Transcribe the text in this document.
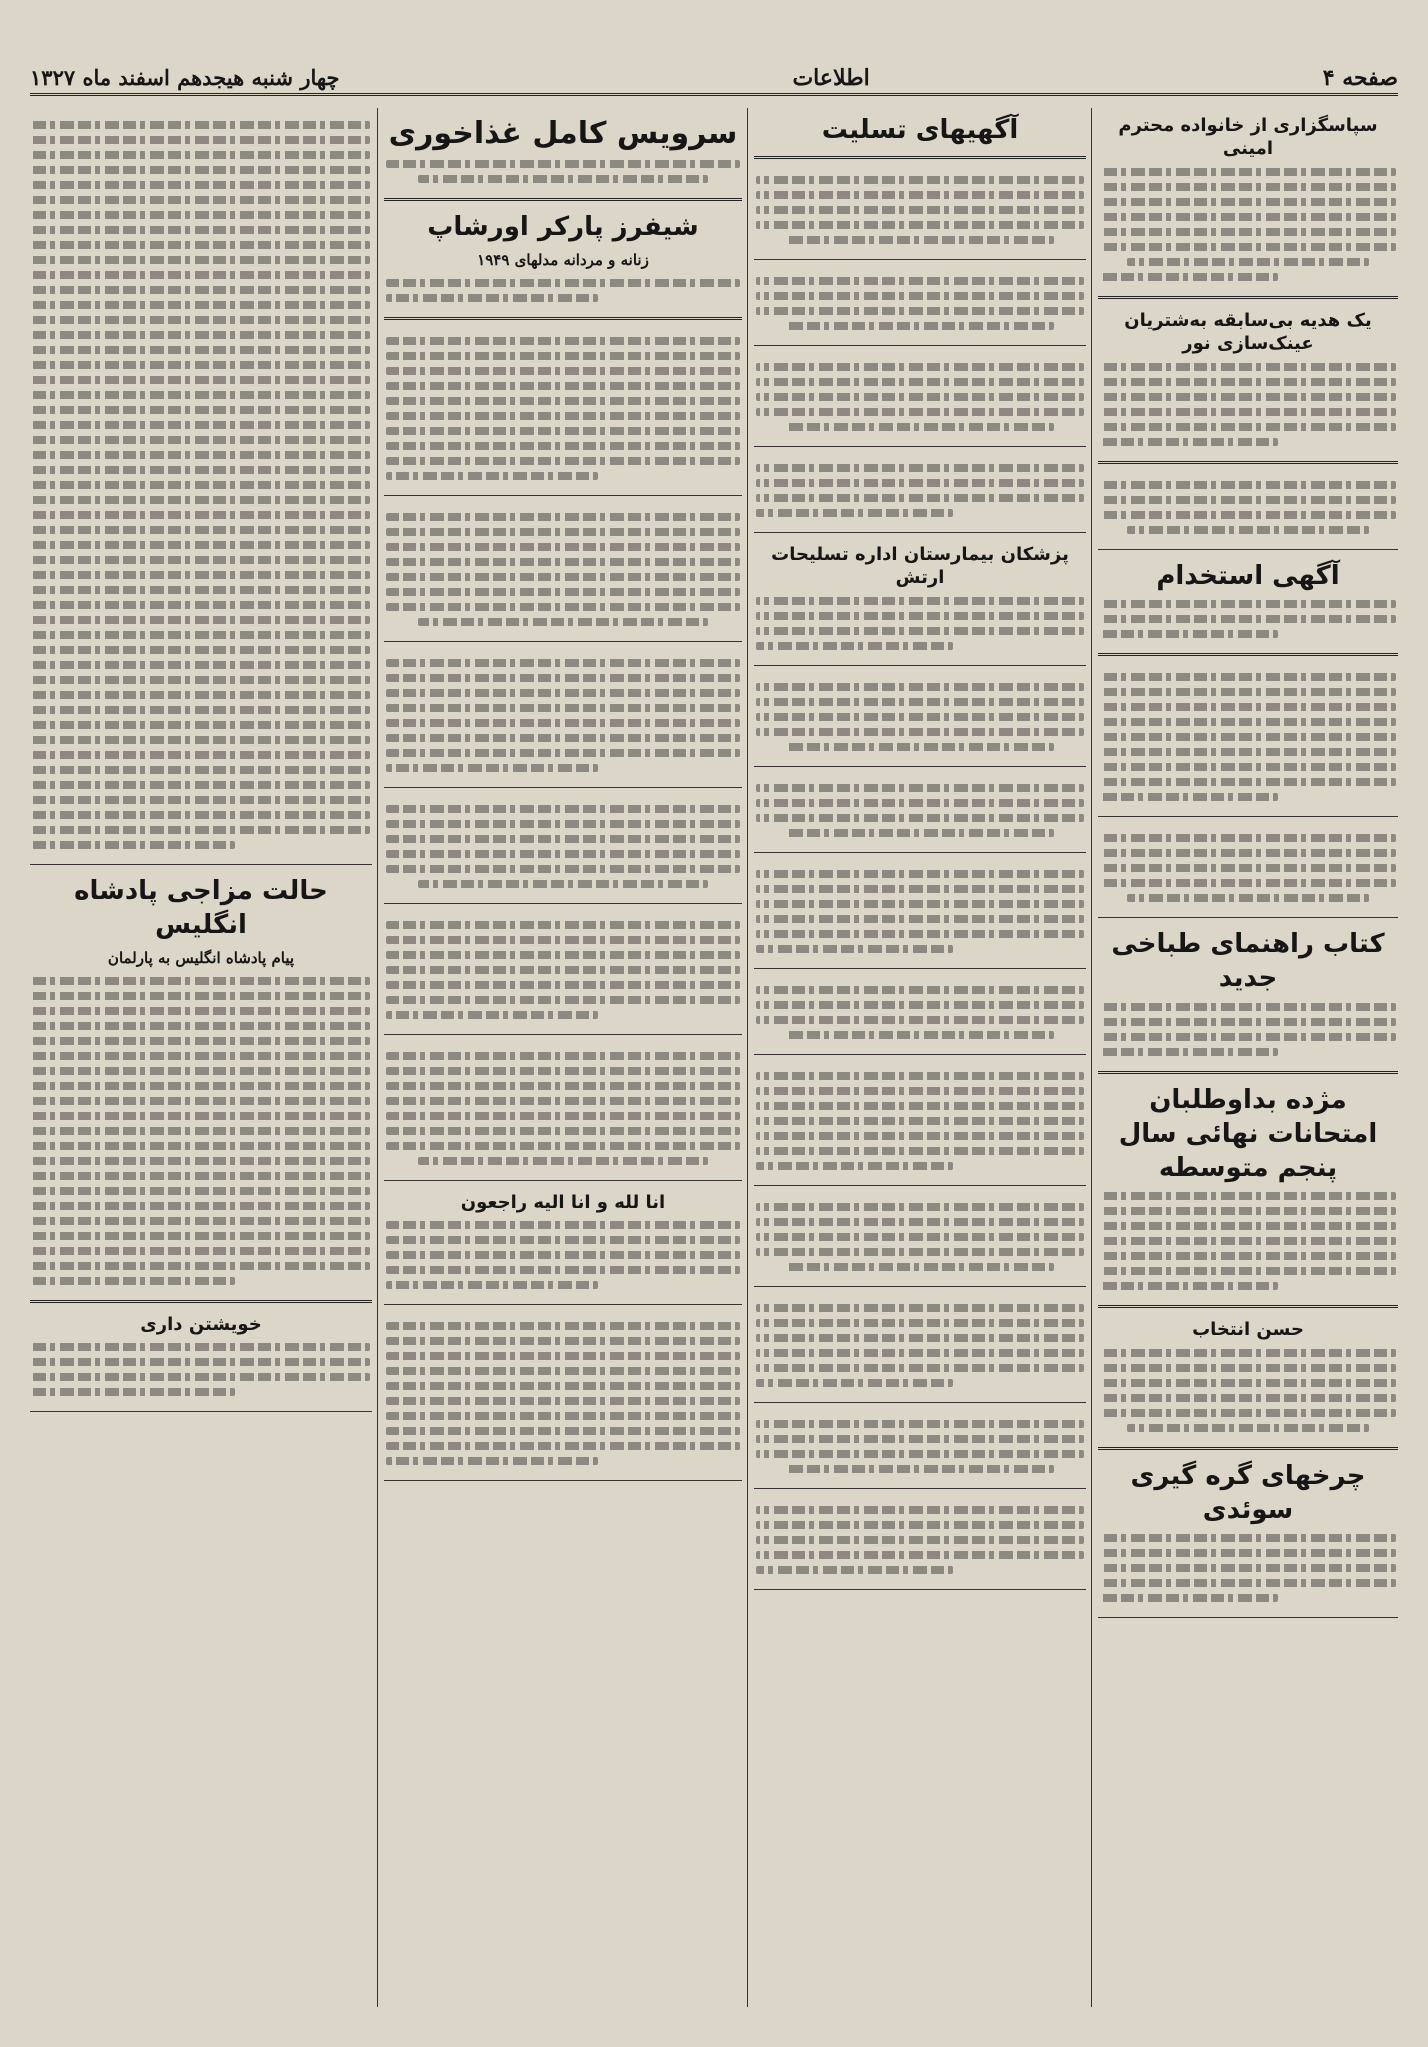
صفحه ۴
اطلاعات
چهار شنبه هیجدهم اسفند ماه ۱۳۲۷
سپاسگزاری از خانواده محترم امینی
یک هدیه بی‌سابقه به‌شتریان عینک‌سازی نور
آگهی استخدام
کتاب راهنمای طباخی جدید
مژده بداوطلبان امتحانات نهائی سال پنجم متوسطه
حسن انتخاب
چرخهای گره گیری سوئدی
آگهیهای تسلیت
پزشکان بیمارستان اداره تسلیحات ارتش
سرویس کامل غذاخوری
شیفرز پارکر اورشاپ
زنانه و مردانه مدلهای ۱۹۴۹
انا لله و انا الیه راجعون
حالت مزاجی پادشاه انگلیس
پیام پادشاه انگلیس به پارلمان
خویشتن داری
